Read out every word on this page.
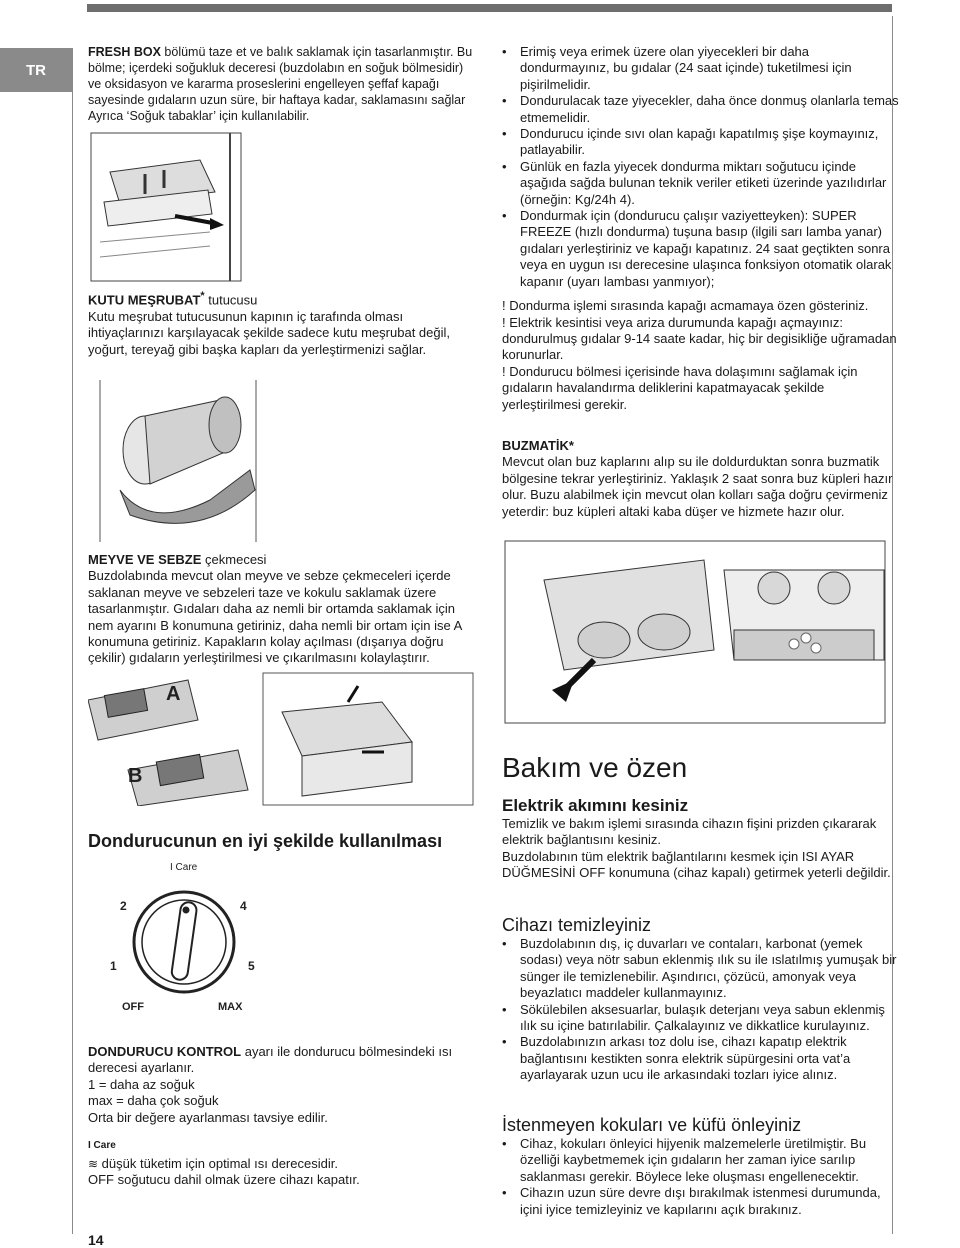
TR

FRESH BOX bölümü taze et ve balık saklamak için tasarlanmıştır. Bu bölme; içerdeki soğukluk deceresi (buzdolabın en soğuk bölmesidir) ve oksidasyon ve kararma proseslerini engelleyen şeffaf kapağı sayesinde gıdaların uzun süre, bir haftaya kadar, saklamasını sağlar Ayrıca ‘Soğuk tabaklar’ için kullanılabilir.

KUTU MEŞRUBAT* tutucusu

Kutu meşrubat tutucusunun kapının iç tarafında olması ihtiyaçlarınızı karşılayacak şekilde sadece kutu meşrubat değil, yoğurt, tereyağ gibi başka kapları da yerleştirmenizi sağlar.

MEYVE VE SEBZE çekmecesi

Buzdolabında mevcut olan meyve ve sebze çekmeceleri içerde saklanan meyve ve sebzeleri taze ve kokulu saklamak üzere tasarlanmıştır. Gıdaları daha az nemli bir ortamda saklamak için nem ayarını B konumuna getiriniz, daha nemli bir ortam için ise A konumuna getiriniz. Kapakların kolay açılması (dışarıya doğru çekilir) gıdaların yerleştirilmesi ve çıkarılmasını kolaylaştırır.

A
B
Dondurucunun en iyi şekilde kullanılması
I Care
2	4
1	5
OFF	MAX

DONDURUCU KONTROL ayarı ile dondurucu bölmesindeki ısı derecesi ayarlanır.

1 = daha az soğuk

max = daha çok soğuk

Orta bir değere ayarlanması tavsiye edilir.

I Care

≋ düşük tüketim için optimal ısı derecesidir.

OFF soğutucu dahil olmak üzere cihazı kapatır.

14
• Erimiş veya erimek üzere olan yiyecekleri bir daha dondurmayınız, bu gıdalar (24 saat içinde) tuketilmesi için pişirilmelidir.
• Dondurulacak taze yiyecekler, daha önce donmuş olanlarla temas etmemelidir.
• Dondurucu içinde sıvı olan kapağı kapatılmış şişe koymayınız, patlayabilir.
• Günlük en fazla yiyecek dondurma miktarı soğutucu içinde aşağıda sağda bulunan teknik veriler etiketi üzerinde yazılıdırlar (örneğin: Kg/24h 4).
• Dondurmak için (dondurucu çalışır vaziyetteyken): SUPER FREEZE (hızlı dondurma) tuşuna basıp (ilgili sarı lamba yanar) gıdaları yerleştiriniz ve kapağı kapatınız. 24 saat geçtikten sonra veya en uygun ısı derecesine ulaşınca fonksiyon otomatik olarak kapanır (uyarı lambası yanmıyor);

! Dondurma işlemi sırasında kapağı acmamaya özen gösteriniz.

! Elektrik kesintisi veya ariza durumunda kapağı açmayınız: dondurulmuş gıdalar 9-14 saate kadar, hiç bir degisikliğe uğramadan korunurlar.

! Dondurucu bölmesi içerisinde hava dolaşımını sağlamak için gıdaların havalandırma deliklerini kapatmayacak şekilde yerleştirilmesi gerekir.

BUZMATİK*

Mevcut olan buz kaplarını alıp su ile doldurduktan sonra buzmatik bölgesine tekrar yerleştiriniz. Yaklaşık 2 saat sonra buz küpleri hazır olur. Buzu alabilmek için mevcut olan kolları sağa doğru çevirmeniz yeterdir: buz küpleri altaki kaba düşer ve hizmete hazır olur.

Bakım ve özen

Elektrik akımını kesiniz

Temizlik ve bakım işlemi sırasında cihazın fişini prizden çıkararak elektrik bağlantısını kesiniz.

Buzdolabının tüm elektrik bağlantılarını kesmek için ISI AYAR DÜĞMESİNİ OFF konumuna (cihaz kapalı) getirmek yeterli değildir.

Cihazı temizleyiniz

• Buzdolabının dış, iç duvarları ve contaları, karbonat (yemek sodası) veya nötr sabun eklenmiş ılık su ile ıslatılmış yumuşak bir sünger ile temizlenebilir. Aşındırıcı, çözücü, amonyak veya beyazlatıcı maddeler kullanmayınız.
• Sökülebilen aksesuarlar, bulaşık deterjanı veya sabun eklenmiş ılık su içine batırılabilir. Çalkalayınız ve dikkatlice kurulayınız.
• Buzdolabınızın arkası toz dolu ise, cihazı kapatıp elektrik bağlantısını kestikten sonra elektrik süpürgesini orta vat’a ayarlayarak uzun ucu ile arkasındaki tozları iyice alınız.

İstenmeyen kokuları ve küfü önleyiniz

• Cihaz, kokuları önleyici hijyenik malzemelerle üretilmiştir. Bu özelliği kaybetmemek için gıdaların her zaman iyice sarılıp saklanması gerekir. Böylece leke oluşması engellenecektir.
• Cihazın uzun süre devre dışı bırakılmak istenmesi durumunda, içini iyice temizleyiniz ve kapılarını açık bırakınız.
